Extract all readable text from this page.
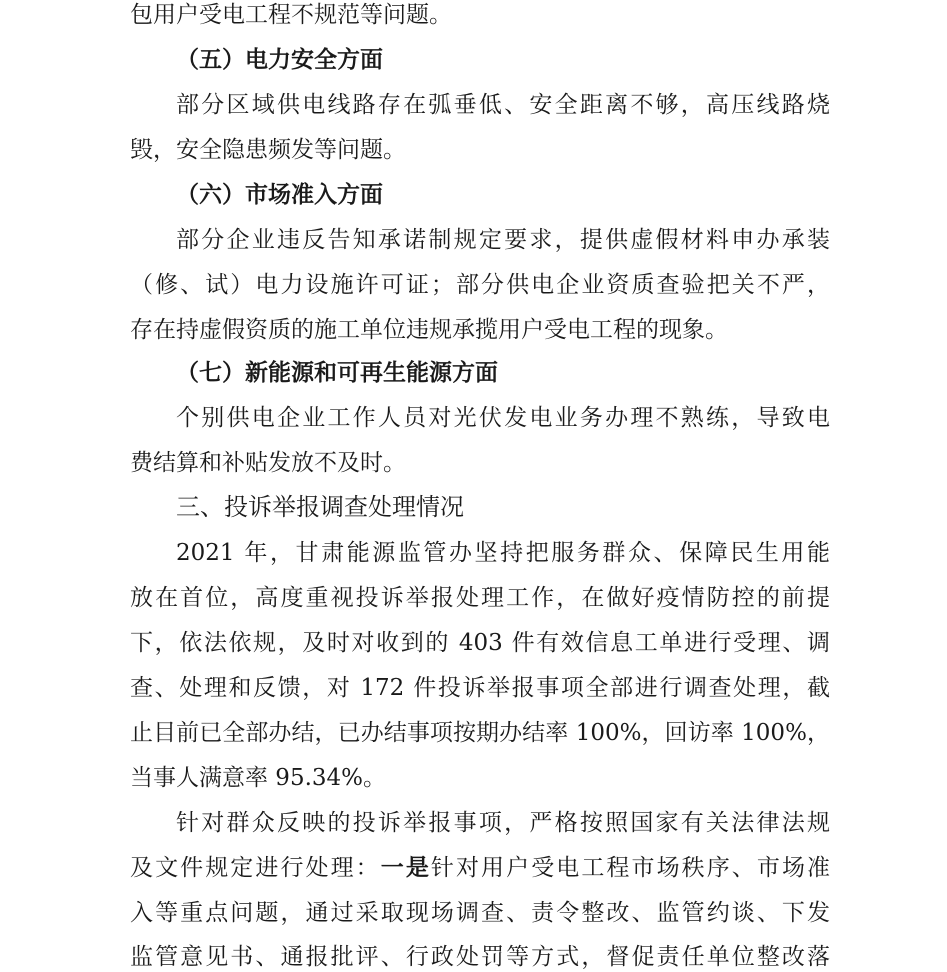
包用户受电工程不规范等问题。
（五）电力安全方面
部分区域供电线路存在弧垂低、安全距离不够，高压线路烧
毁，安全隐患频发等问题。
（六）市场准入方面
部分企业违反告知承诺制规定要求，提供虚假材料申办承装
（修、试）电力设施许可证；部分供电企业资质查验把关不严，
存在持虚假资质的施工单位违规承揽用户受电工程的现象。
（七）新能源和可再生能源方面
个别供电企业工作人员对光伏发电业务办理不熟练，导致电
费结算和补贴发放不及时。
三、投诉举报调查处理情况
2021 年，甘肃能源监管办坚持把服务群众、保障民生用能
放在首位，高度重视投诉举报处理工作，在做好疫情防控的前提
下，依法依规，及时对收到的 403 件有效信息工单进行受理、调
查、处理和反馈，对 172 件投诉举报事项全部进行调查处理，截
止目前已全部办结，已办结事项按期办结率 100%，回访率 100%，
当事人满意率 95.34%。
针对群众反映的投诉举报事项，严格按照国家有关法律法规
及文件规定进行处理：一是针对用户受电工程市场秩序、市场准
入等重点问题，通过采取现场调查、责令整改、监管约谈、下发
监管意见书、通报批评、行政处罚等方式，督促责任单位整改落
